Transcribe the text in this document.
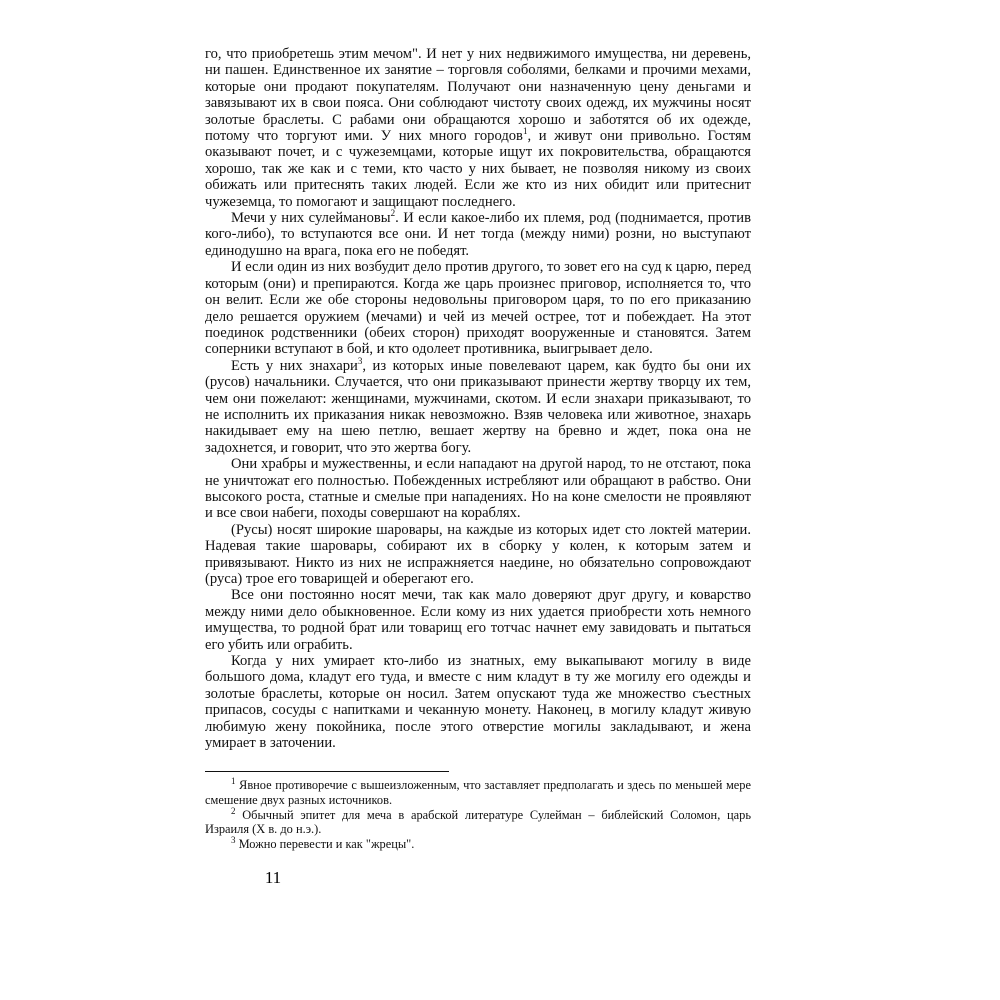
го, что приобретешь этим мечом". И нет у них недвижимого имущества, ни деревень, ни пашен. Единственное их занятие – торговля соболями, белками и прочими мехами, которые они продают покупателям. Получают они назначенную цену деньгами и завязывают их в свои пояса. Они соблюдают чистоту своих одежд, их мужчины носят золотые браслеты. С рабами они обращаются хорошо и заботятся об их одежде, потому что торгуют ими. У них много городов$^1$, и живут они привольно. Гостям оказывают почет, и с чужеземцами, которые ищут их покровительства, обращаются хорошо, так же как и с теми, кто часто у них бывает, не позволяя никому из своих обижать или притеснять таких людей. Если же кто из них обидит или притеснит чужеземца, то помогают и защищают последнего.

Мечи у них сулеймановы$^2$. И если какое-либо их племя, род (поднимается, против кого-либо), то вступаются все они. И нет тогда (между ними) розни, но выступают единодушно на врага, пока его не победят.

И если один из них возбудит дело против другого, то зовет его на суд к царю, перед которым (они) и препираются. Когда же царь произнес приговор, исполняется то, что он велит. Если же обе стороны недовольны приговором царя, то по его приказанию дело решается оружием (мечами) и чей из мечей острее, тот и побеждает. На этот поединок родственники (обеих сторон) приходят вооруженные и становятся. Затем соперники вступают в бой, и кто одолеет противника, выигрывает дело.

Есть у них знахари$^3$, из которых иные повелевают царем, как будто бы они их (русов) начальники. Случается, что они приказывают принести жертву творцу их тем, чем они пожелают: женщинами, мужчинами, скотом. И если знахари приказывают, то не исполнить их приказания никак невозможно. Взяв человека или животное, знахарь накидывает ему на шею петлю, вешает жертву на бревно и ждет, пока она не задохнется, и говорит, что это жертва богу.

Они храбры и мужественны, и если нападают на другой народ, то не отстают, пока не уничтожат его полностью. Побежденных истребляют или обращают в рабство. Они высокого роста, статные и смелые при нападениях. Но на коне смелости не проявляют и все свои набеги, походы совершают на кораблях.

(Русы) носят широкие шаровары, на каждые из которых идет сто локтей материи. Надевая такие шаровары, собирают их в сборку у колен, к которым затем и привязывают. Никто из них не испражняется наедине, но обязательно сопровождают (руса) трое его товарищей и оберегают его.

Все они постоянно носят мечи, так как мало доверяют друг другу, и коварство между ними дело обыкновенное. Если кому из них удается приобрести хоть немного имущества, то родной брат или товарищ его тотчас начнет ему завидовать и пытаться его убить или ограбить.

Когда у них умирает кто-либо из знатных, ему выкапывают могилу в виде большого дома, кладут его туда, и вместе с ним кладут в ту же могилу его одежды и золотые браслеты, которые он носил. Затем опускают туда же множество съестных припасов, сосуды с напитками и чеканную монету. Наконец, в могилу кладут живую любимую жену покойника, после этого отверстие могилы закладывают, и жена умирает в заточении.

$^1$ Явное противоречие с вышеизложенным, что заставляет предполагать и здесь по меньшей мере смешение двух разных источников.

$^2$ Обычный эпитет для меча в арабской литературе Сулейман – библейский Соломон, царь Израиля (X в. до н.э.).

$^3$ Можно перевести и как "жрецы".

11
